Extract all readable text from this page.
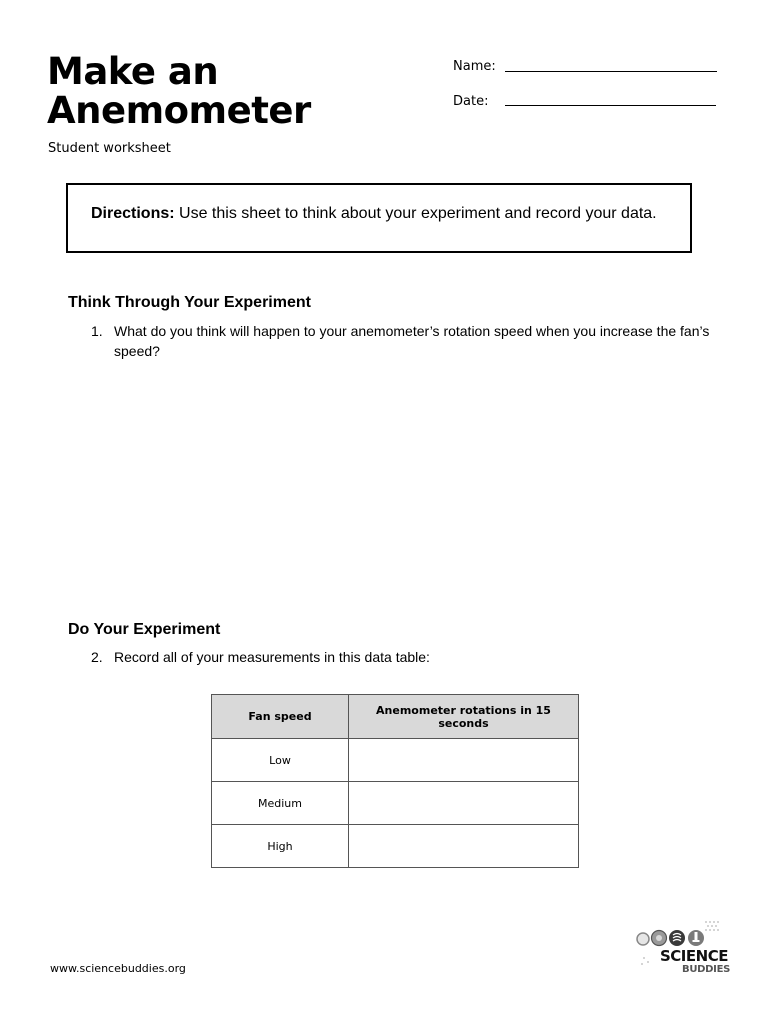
Make an
Anemometer
Student worksheet
Name:
Date:
Directions: Use this sheet to think about your experiment and record your data.
Think Through Your Experiment
1. What do you think will happen to your anemometer’s rotation speed when you increase the fan’s speed?
Do Your Experiment
2. Record all of your measurements in this data table:
Fan speed	Anemometer rotations in 15 seconds
Low	
Medium	
High	
www.sciencebuddies.org
SCIENCE
BUDDIES
